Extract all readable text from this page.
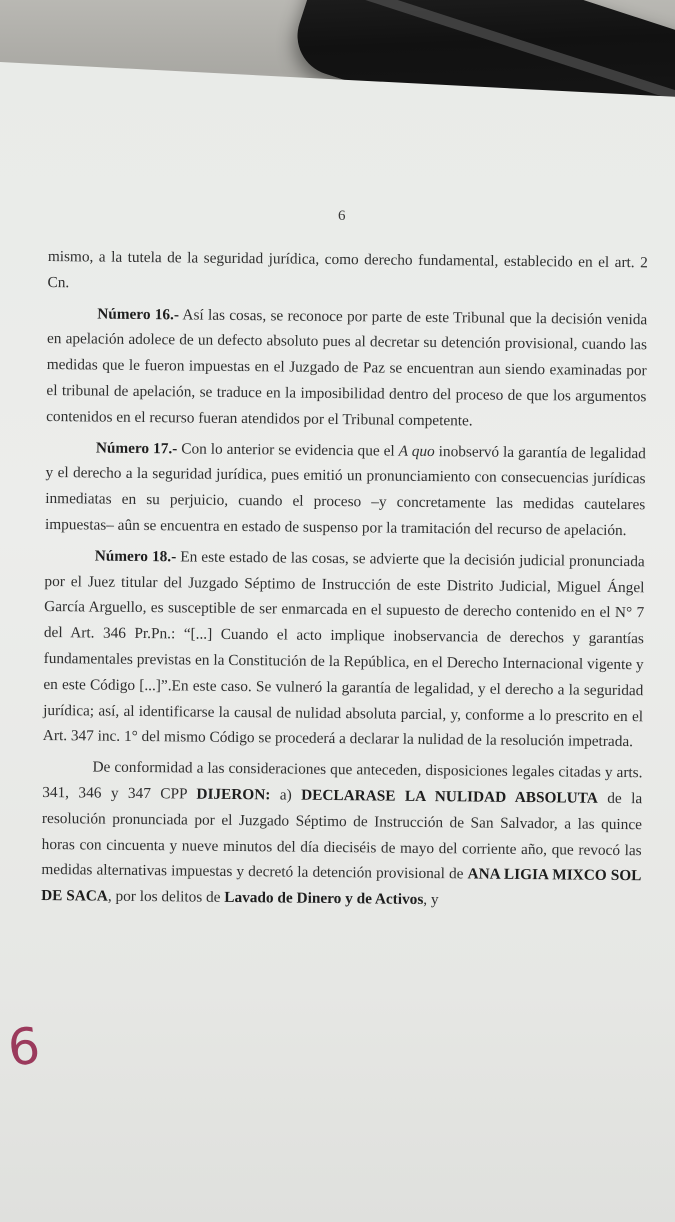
6

mismo, a la tutela de la seguridad jurídica, como derecho fundamental, establecido en el art. 2 Cn.

Número 16.- Así las cosas, se reconoce por parte de este Tribunal que la decisión venida en apelación adolece de un defecto absoluto pues al decretar su detención provisional, cuando las medidas que le fueron impuestas en el Juzgado de Paz se encuentran aun siendo examinadas por el tribunal de apelación, se traduce en la imposibilidad dentro del proceso de que los argumentos contenidos en el recurso fueran atendidos por el Tribunal competente.

Número 17.- Con lo anterior se evidencia que el A quo inobservó la garantía de legalidad y el derecho a la seguridad jurídica, pues emitió un pronunciamiento con consecuencias jurídicas inmediatas en su perjuicio, cuando el proceso –y concretamente las medidas cautelares impuestas– aûn se encuentra en estado de suspenso por la tramitación del recurso de apelación.

Número 18.- En este estado de las cosas, se advierte que la decisión judicial pronunciada por el Juez titular del Juzgado Séptimo de Instrucción de este Distrito Judicial, Miguel Ángel García Arguello, es susceptible de ser enmarcada en el supuesto de derecho contenido en el N° 7 del Art. 346 Pr.Pn.: “[...] Cuando el acto implique inobservancia de derechos y garantías fundamentales previstas en la Constitución de la República, en el Derecho Internacional vigente y en este Código [...]”.En este caso. Se vulneró la garantía de legalidad, y el derecho a la seguridad jurídica; así, al identificarse la causal de nulidad absoluta parcial, y, conforme a lo prescrito en el Art. 347 inc. 1° del mismo Código se procederá a declarar la nulidad de la resolución impetrada.

De conformidad a las consideraciones que anteceden, disposiciones legales citadas y arts. 341, 346 y 347 CPP DIJERON: a) DECLARASE LA NULIDAD ABSOLUTA de la resolución pronunciada por el Juzgado Séptimo de Instrucción de San Salvador, a las quince horas con cincuenta y nueve minutos del día dieciséis de mayo del corriente año, que revocó las medidas alternativas impuestas y decretó la detención provisional de ANA LIGIA MIXCO SOL DE SACA, por los delitos de Lavado de Dinero y de Activos, y

6
